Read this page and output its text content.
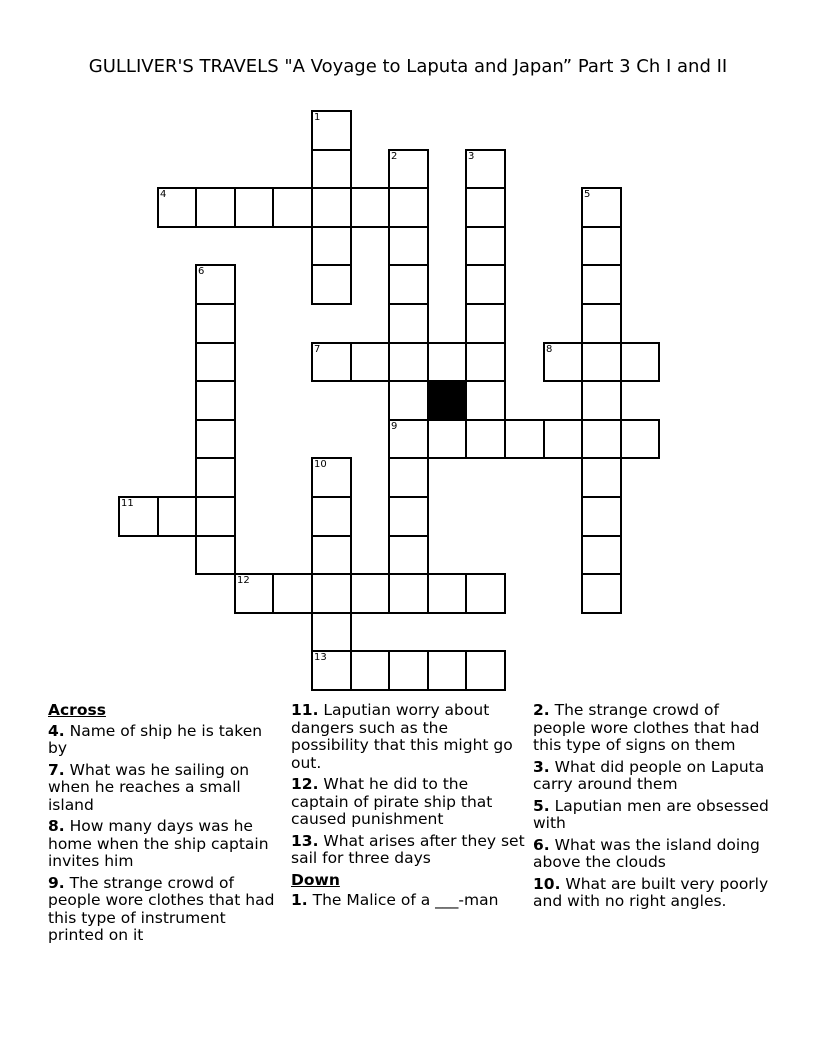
GULLIVER'S TRAVELS "A Voyage to Laputa and Japan” Part 3 Ch I and II
4
7	8
9
11
12
13
1
2	3
5
6
10
Across
4. Name of ship he is taken by
7. What was he sailing on when he reaches a small island
8. How many days was he home when the ship captain invites him
9. The strange crowd of people wore clothes that had this type of instrument printed on it
11. Laputian worry about dangers such as the possibility that this might go out.
12. What he did to the captain of pirate ship that caused punishment
13. What arises after they set sail for three days
Down
1. The Malice of a ___-man
2. The strange crowd of people wore clothes that had this type of signs on them
3. What did people on Laputa carry around them
5. Laputian men are obsessed with
6. What was the island doing above the clouds
10. What are built very poorly and with no right angles.
